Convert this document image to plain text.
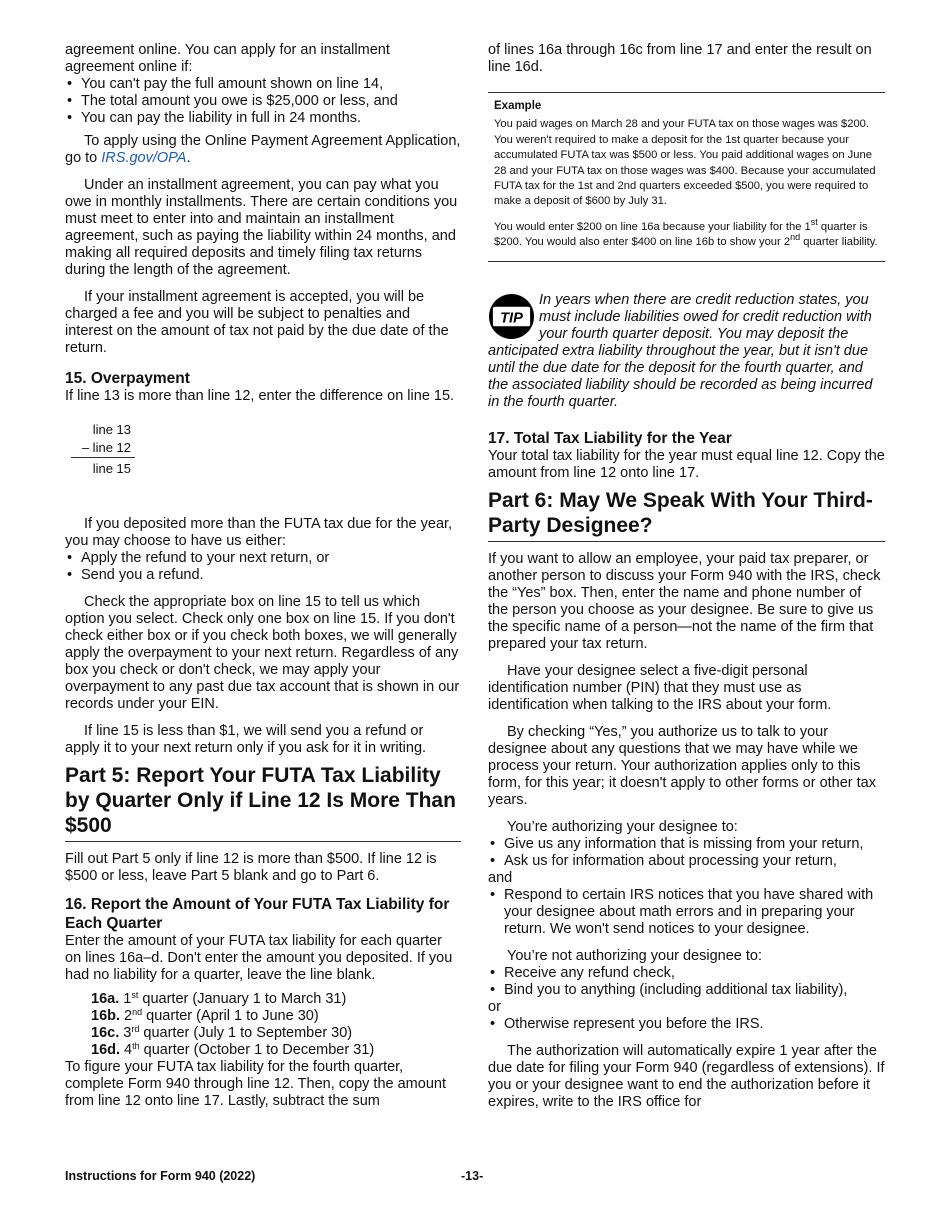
agreement online. You can apply for an installment agreement online if:

• You can't pay the full amount shown on line 14,

• The total amount you owe is $25,000 or less, and

• You can pay the liability in full in 24 months.

To apply using the Online Payment Agreement Application, go to IRS.gov/OPA.

Under an installment agreement, you can pay what you owe in monthly installments. There are certain conditions you must meet to enter into and maintain an installment agreement, such as paying the liability within 24 months, and making all required deposits and timely filing tax returns during the length of the agreement.

If your installment agreement is accepted, you will be charged a fee and you will be subject to penalties and interest on the amount of tax not paid by the due date of the return.

15. Overpayment

If line 13 is more than line 12, enter the difference on line 15.

line 13
– line 12
line 15

If you deposited more than the FUTA tax due for the year, you may choose to have us either:

• Apply the refund to your next return, or

• Send you a refund.

Check the appropriate box on line 15 to tell us which option you select. Check only one box on line 15. If you don't check either box or if you check both boxes, we will generally apply the overpayment to your next return. Regardless of any box you check or don't check, we may apply your overpayment to any past due tax account that is shown in our records under your EIN.

If line 15 is less than $1, we will send you a refund or apply it to your next return only if you ask for it in writing.

Part 5: Report Your FUTA Tax Liability by Quarter Only if Line 12 Is More Than $500

Fill out Part 5 only if line 12 is more than $500. If line 12 is $500 or less, leave Part 5 blank and go to Part 6.

16. Report the Amount of Your FUTA Tax Liability for Each Quarter

Enter the amount of your FUTA tax liability for each quarter on lines 16a–d. Don't enter the amount you deposited. If you had no liability for a quarter, leave the line blank.

16a. 1st quarter (January 1 to March 31)

16b. 2nd quarter (April 1 to June 30)

16c. 3rd quarter (July 1 to September 30)

16d. 4th quarter (October 1 to December 31)

To figure your FUTA tax liability for the fourth quarter, complete Form 940 through line 12. Then, copy the amount from line 12 onto line 17. Lastly, subtract the sum

of lines 16a through 16c from line 17 and enter the result on line 16d.

Example

You paid wages on March 28 and your FUTA tax on those wages was $200. You weren't required to make a deposit for the 1st quarter because your accumulated FUTA tax was $500 or less. You paid additional wages on June 28 and your FUTA tax on those wages was $400. Because your accumulated FUTA tax for the 1st and 2nd quarters exceeded $500, you were required to make a deposit of $600 by July 31.

You would enter $200 on line 16a because your liability for the 1st quarter is $200. You would also enter $400 on line 16b to show your 2nd quarter liability.

TIP

In years when there are credit reduction states, you must include liabilities owed for credit reduction with your fourth quarter deposit. You may deposit the anticipated extra liability throughout the year, but it isn't due until the due date for the deposit for the fourth quarter, and the associated liability should be recorded as being incurred in the fourth quarter.

17. Total Tax Liability for the Year

Your total tax liability for the year must equal line 12. Copy the amount from line 12 onto line 17.

Part 6: May We Speak With Your Third-Party Designee?

If you want to allow an employee, your paid tax preparer, or another person to discuss your Form 940 with the IRS, check the “Yes” box. Then, enter the name and phone number of the person you choose as your designee. Be sure to give us the specific name of a person—not the name of the firm that prepared your tax return.

Have your designee select a five-digit personal identification number (PIN) that they must use as identification when talking to the IRS about your form.

By checking “Yes,” you authorize us to talk to your designee about any questions that we may have while we process your return. Your authorization applies only to this form, for this year; it doesn't apply to other forms or other tax years.

You’re authorizing your designee to:

• Give us any information that is missing from your return,

• Ask us for information about processing your return,

and

• Respond to certain IRS notices that you have shared with your designee about math errors and in preparing your return. We won't send notices to your designee.

You’re not authorizing your designee to:

• Receive any refund check,

• Bind you to anything (including additional tax liability),

or

• Otherwise represent you before the IRS.

The authorization will automatically expire 1 year after the due date for filing your Form 940 (regardless of extensions). If you or your designee want to end the authorization before it expires, write to the IRS office for

Instructions for Form 940 (2022)	-13-
